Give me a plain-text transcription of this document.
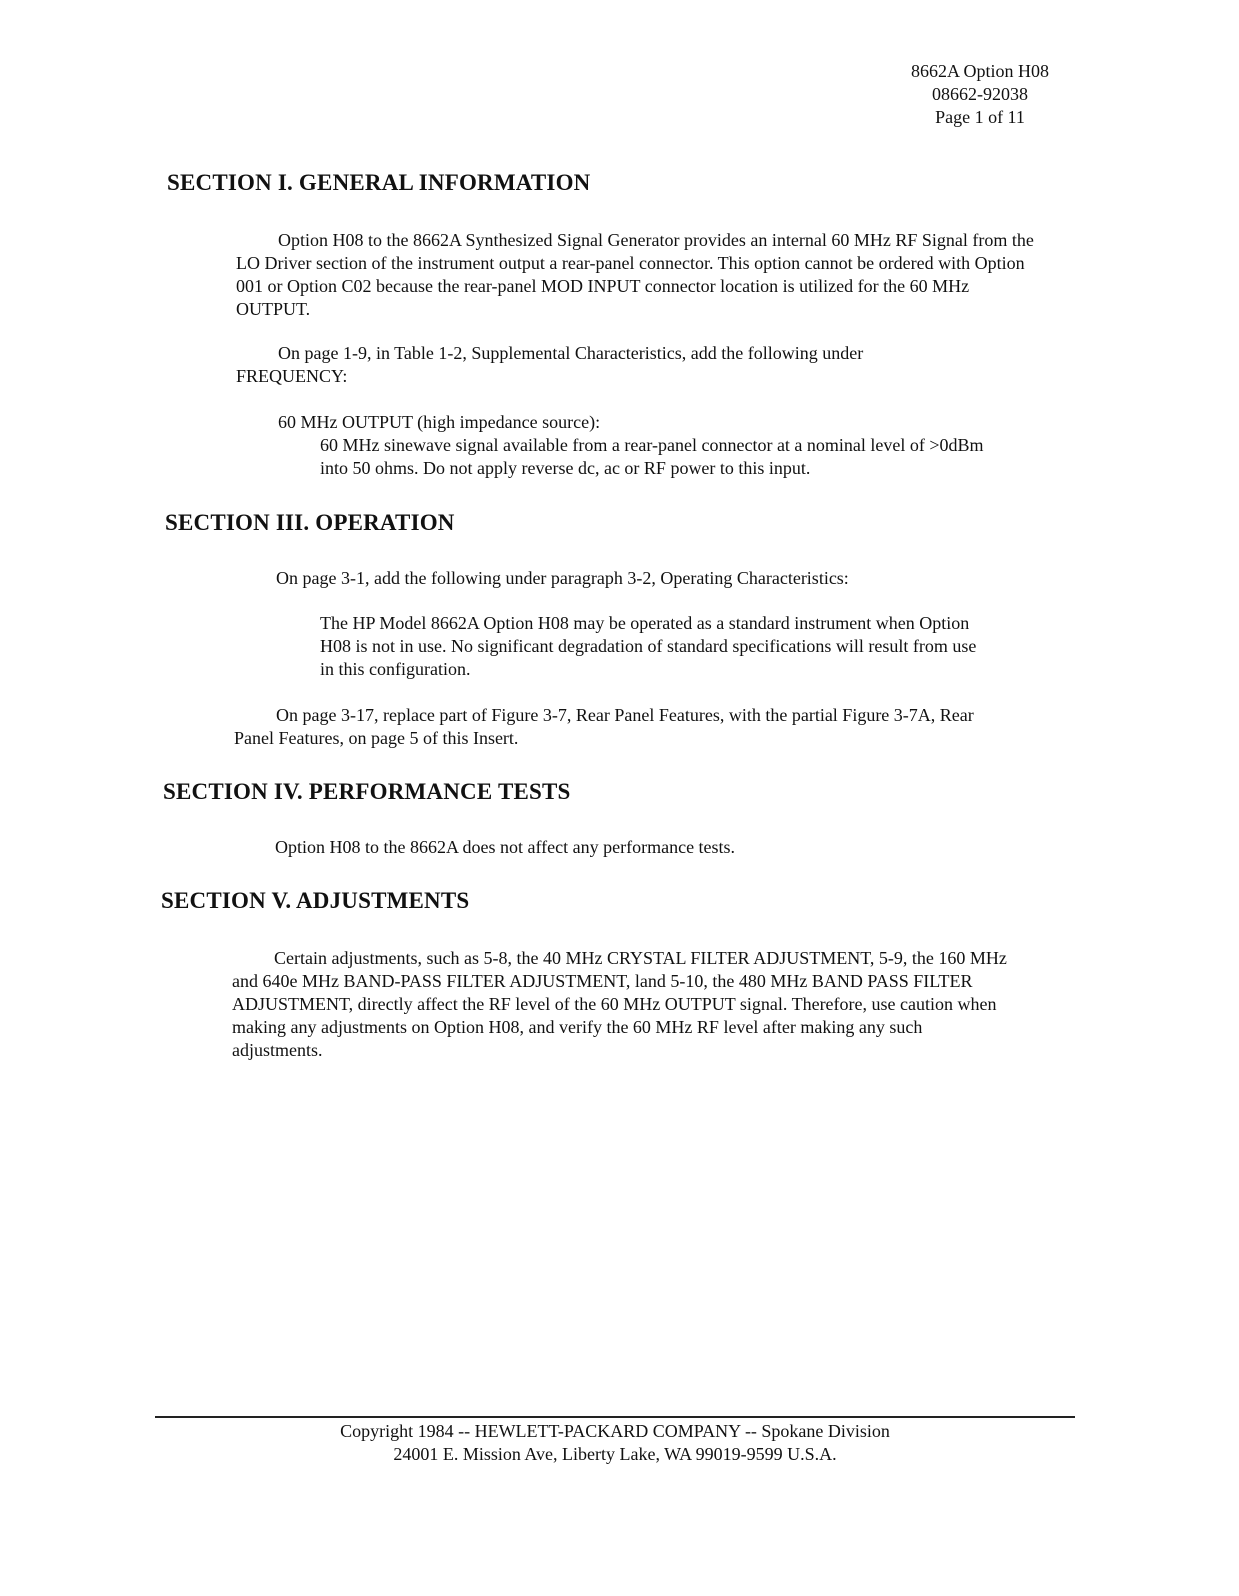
8662A Option H08
08662-92038
Page 1 of 11
SECTION I. GENERAL INFORMATION

Option H08 to the 8662A Synthesized Signal Generator provides an internal 60 MHz RF Signal from the LO Driver section of the instrument output a rear-panel connector. This option cannot be ordered with Option 001 or Option C02 because the rear-panel MOD INPUT connector location is utilized for the 60 MHz OUTPUT.

On page 1-9, in Table 1-2, Supplemental Characteristics, add the following under FREQUENCY:

60 MHz OUTPUT (high impedance source):

60 MHz sinewave signal available from a rear-panel connector at a nominal level of >0dBm into 50 ohms. Do not apply reverse dc, ac or RF power to this input.

SECTION III. OPERATION

On page 3-1, add the following under paragraph 3-2, Operating Characteristics:

The HP Model 8662A Option H08 may be operated as a standard instrument when Option H08 is not in use. No significant degradation of standard specifications will result from use in this configuration.

On page 3-17, replace part of Figure 3-7, Rear Panel Features, with the partial Figure 3-7A, Rear Panel Features, on page 5 of this Insert.

SECTION IV. PERFORMANCE TESTS

Option H08 to the 8662A does not affect any performance tests.

SECTION V. ADJUSTMENTS

Certain adjustments, such as 5-8, the 40 MHz CRYSTAL FILTER ADJUSTMENT, 5-9, the 160 MHz and 640e MHz BAND-PASS FILTER ADJUSTMENT, land 5-10, the 480 MHz BAND PASS FILTER ADJUSTMENT, directly affect the RF level of the 60 MHz OUTPUT signal. Therefore, use caution when making any adjustments on Option H08, and verify the 60 MHz RF level after making any such adjustments.

Copyright 1984 -- HEWLETT-PACKARD COMPANY -- Spokane Division
24001 E. Mission Ave, Liberty Lake, WA 99019-9599 U.S.A.
